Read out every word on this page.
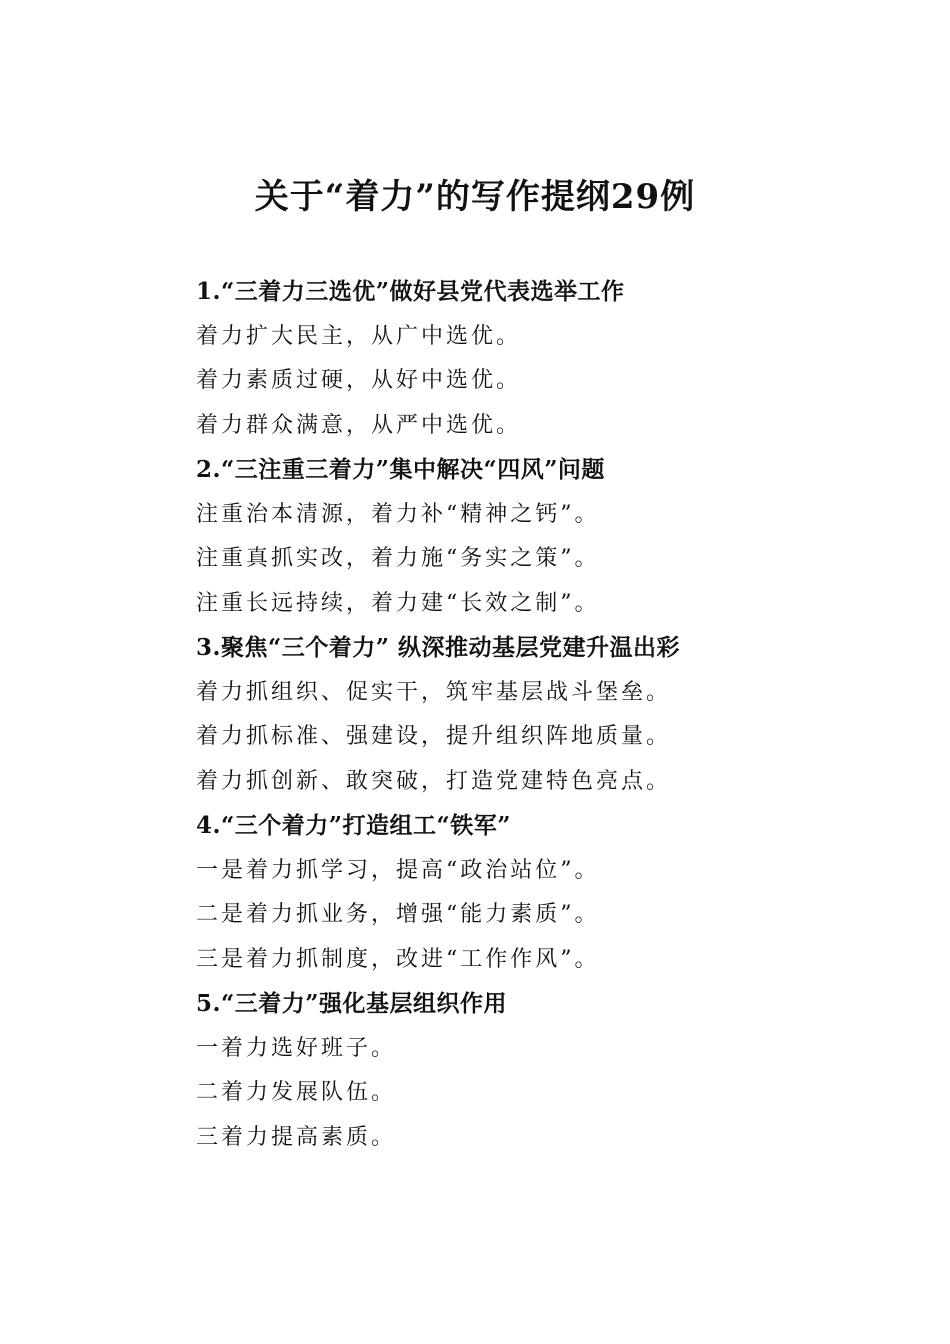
关于“着力”的写作提纲29例
1.“三着力三选优”做好县党代表选举工作
着力扩大民主，从广中选优。
着力素质过硬，从好中选优。
着力群众满意，从严中选优。
2.“三注重三着力”集中解决“四风”问题
注重治本清源，着力补“精神之钙”。
注重真抓实改，着力施“务实之策”。
注重长远持续，着力建“长效之制”。
3.聚焦“三个着力” 纵深推动基层党建升温出彩
着力抓组织、促实干，筑牢基层战斗堡垒。
着力抓标准、强建设，提升组织阵地质量。
着力抓创新、敢突破，打造党建特色亮点。
4.“三个着力”打造组工“铁军”
一是着力抓学习，提高“政治站位”。
二是着力抓业务，增强“能力素质”。
三是着力抓制度，改进“工作作风”。
5.“三着力”强化基层组织作用
一着力选好班子。
二着力发展队伍。
三着力提高素质。
